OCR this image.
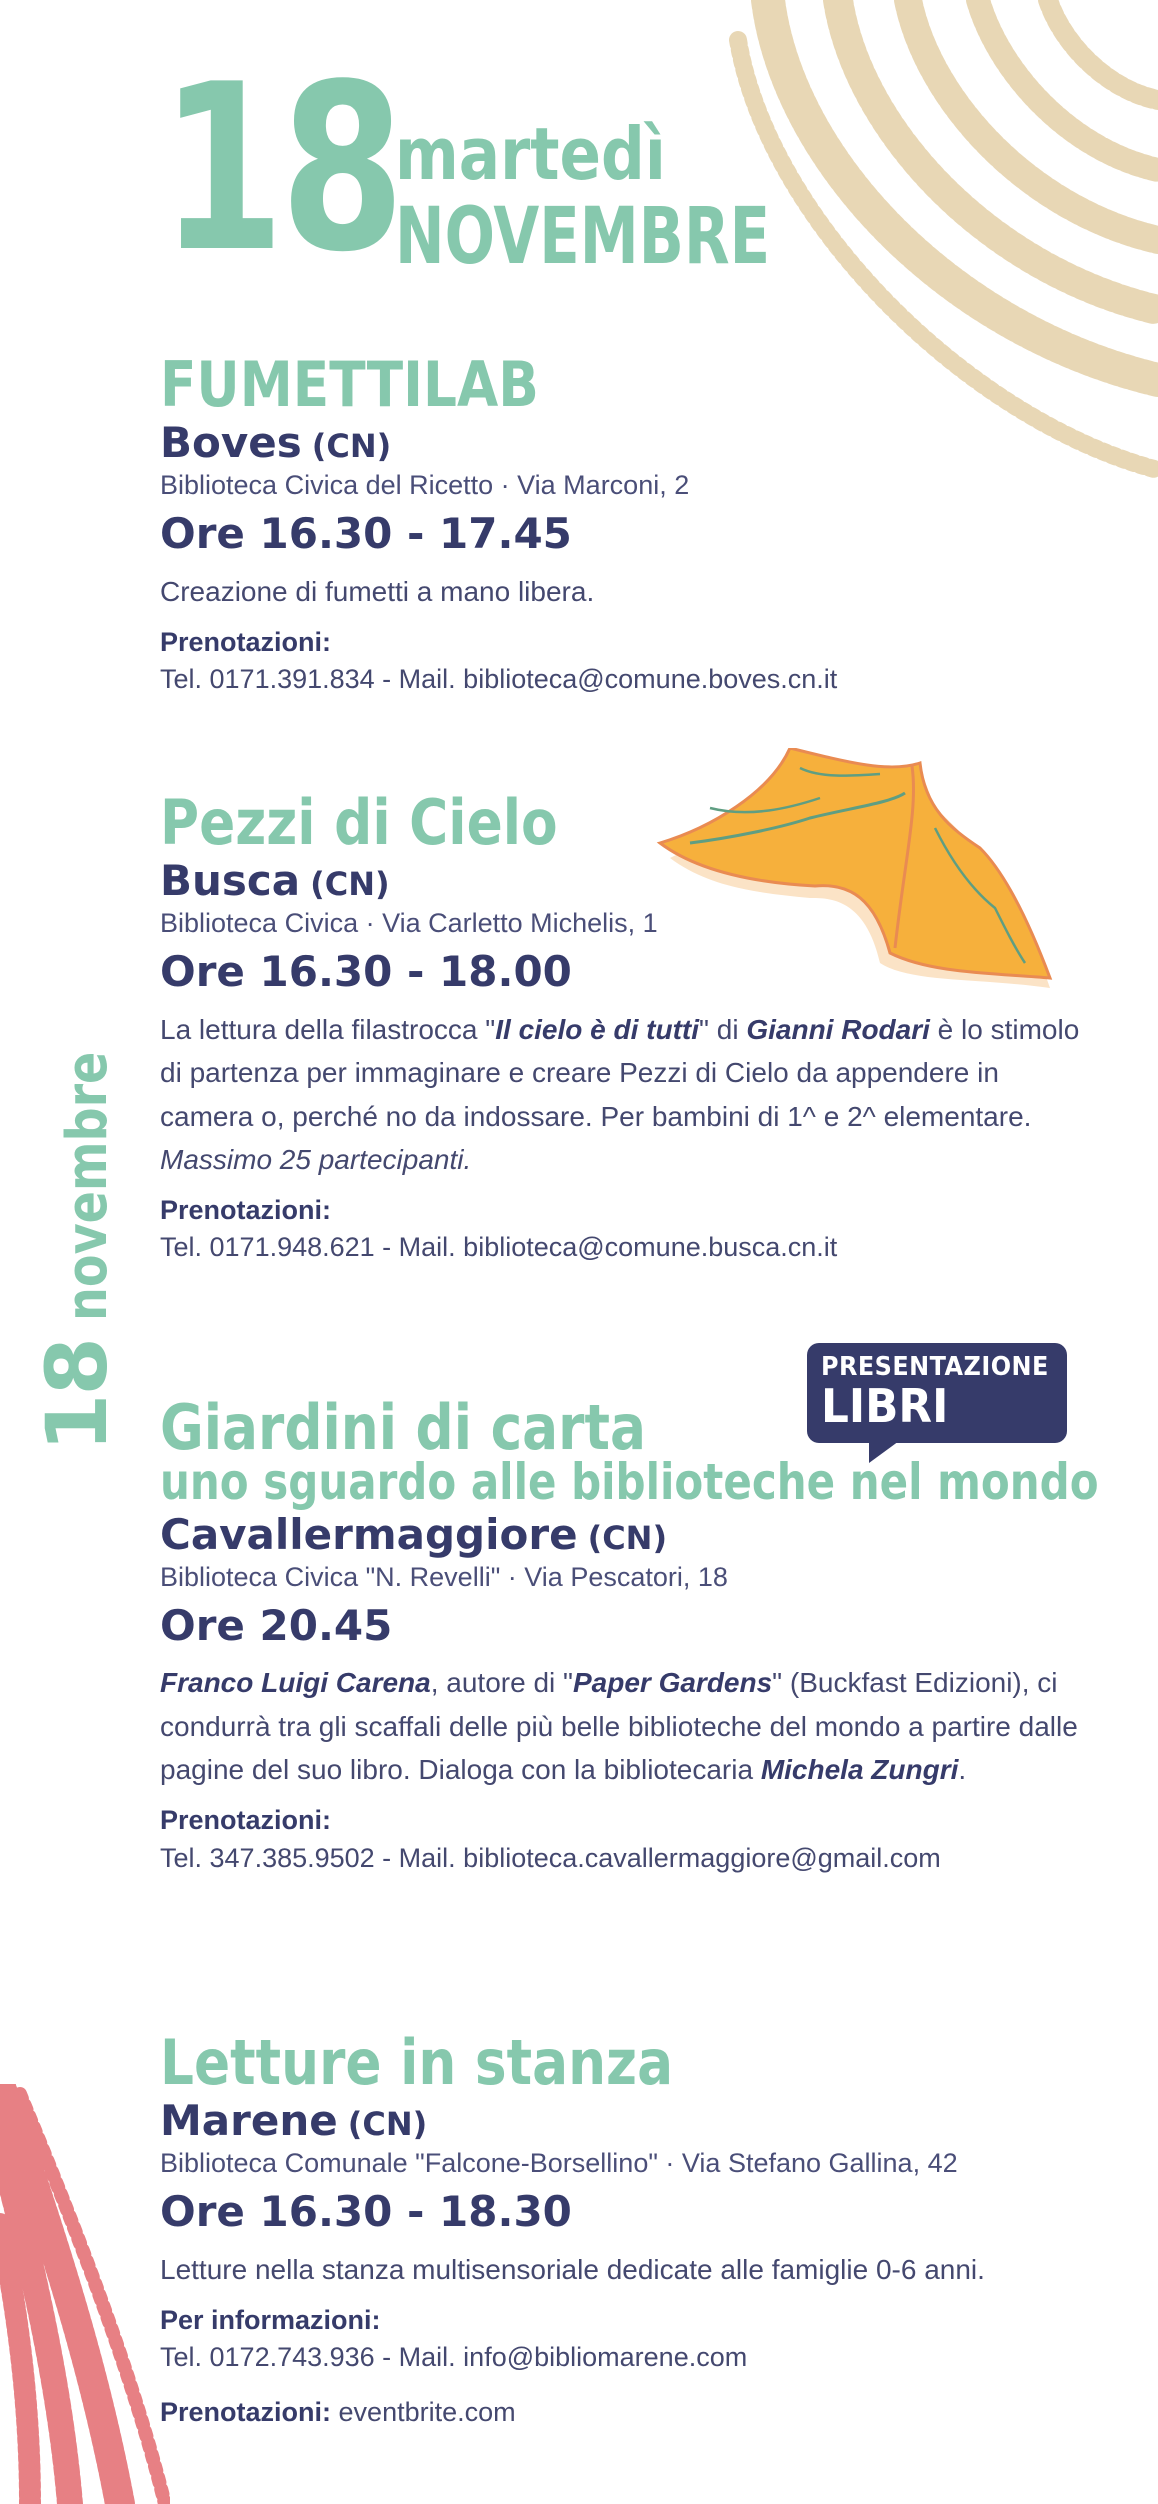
18
martedì
NOVEMBRE
18novembre
FUMETTILAB
Boves (CN)
Biblioteca Civica del Ricetto · Via Marconi, 2
Ore 16.30 - 17.45
Creazione di fumetti a mano libera.
Prenotazioni:
Tel. 0171.391.834 - Mail. biblioteca@comune.boves.cn.it
Pezzi di Cielo
Busca (CN)
Biblioteca Civica · Via Carletto Michelis, 1
Ore 16.30 - 18.00
La lettura della filastrocca "Il cielo è di tutti" di Gianni Rodari è lo stimolo di partenza per immaginare e creare Pezzi di Cielo da appendere in camera o, perché no da indossare. Per bambini di 1^ e 2^ elementare. Massimo 25 partecipanti.
Prenotazioni:
Tel. 0171.948.621 - Mail. biblioteca@comune.busca.cn.it
PRESENTAZIONE
LIBRI
Giardini di carta
uno sguardo alle biblioteche nel mondo
Cavallermaggiore (CN)
Biblioteca Civica "N. Revelli" · Via Pescatori, 18
Ore 20.45
Franco Luigi Carena, autore di "Paper Gardens" (Buckfast Edizioni), ci condurrà tra gli scaffali delle più belle biblioteche del mondo a partire dalle pagine del suo libro. Dialoga con la bibliotecaria Michela Zungri.
Prenotazioni:
Tel. 347.385.9502 - Mail. biblioteca.cavallermaggiore@gmail.com
Letture in stanza
Marene (CN)
Biblioteca Comunale "Falcone-Borsellino" · Via Stefano Gallina, 42
Ore 16.30 - 18.30
Letture nella stanza multisensoriale dedicate alle famiglie 0-6 anni.
Per informazioni:
Tel. 0172.743.936 - Mail. info@bibliomarene.com
Prenotazioni: eventbrite.com
